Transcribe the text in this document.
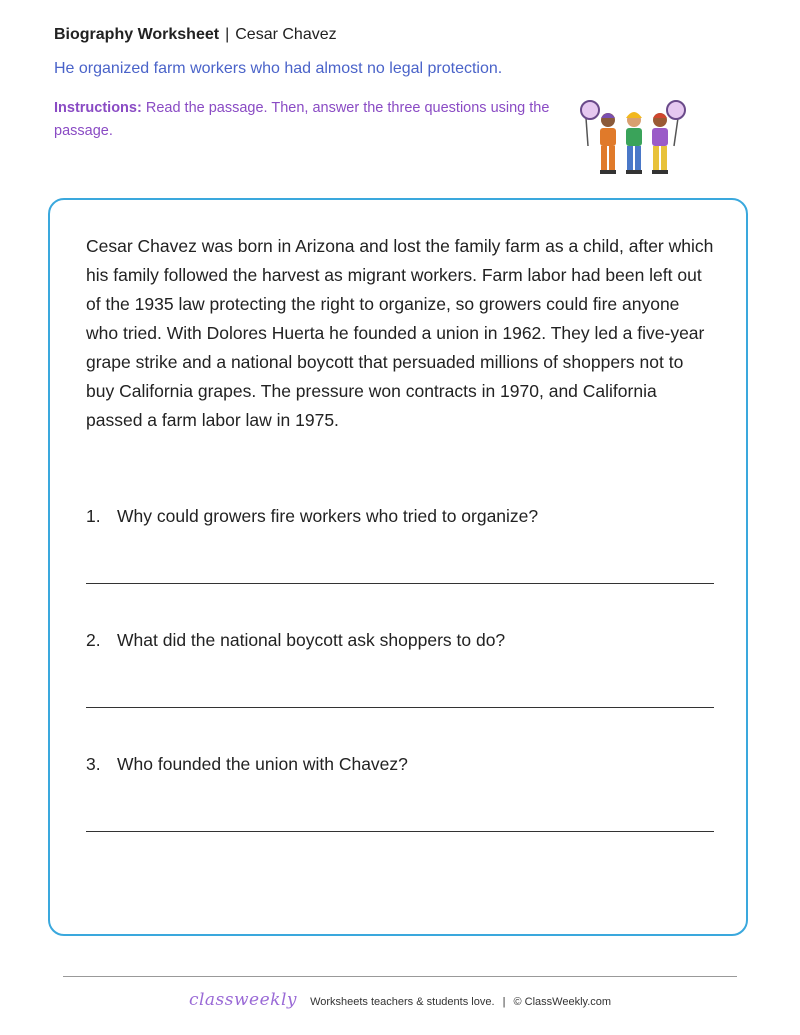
Biography Worksheet | Cesar Chavez
He organized farm workers who had almost no legal protection.
Instructions: Read the passage. Then, answer the three questions using the passage.
Cesar Chavez was born in Arizona and lost the family farm as a child, after which his family followed the harvest as migrant workers. Farm labor had been left out of the 1935 law protecting the right to organize, so growers could fire anyone who tried. With Dolores Huerta he founded a union in 1962. They led a five-year grape strike and a national boycott that persuaded millions of shoppers not to buy California grapes. The pressure won contracts in 1970, and California passed a farm labor law in 1975.
1. Why could growers fire workers who tried to organize?
2. What did the national boycott ask shoppers to do?
3. Who founded the union with Chavez?
classweekly Worksheets teachers & students love. | © ClassWeekly.com
